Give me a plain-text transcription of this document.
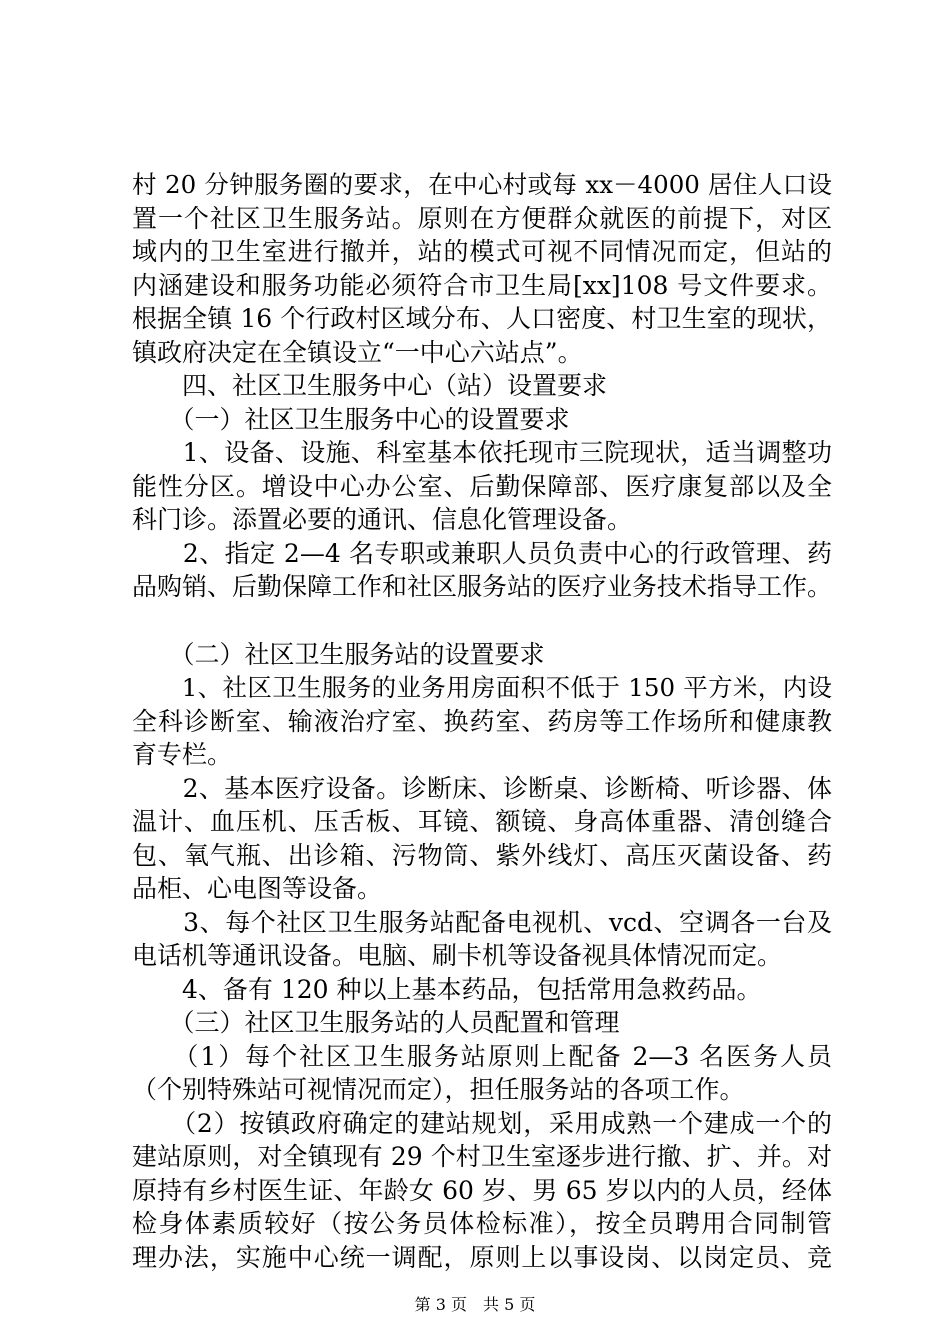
村 20 分钟服务圈的要求，在中心村或每 xx－4000 居住人口设
置一个社区卫生服务站。原则在方便群众就医的前提下，对区
域内的卫生室进行撤并，站的模式可视不同情况而定，但站的
内涵建设和服务功能必须符合市卫生局[xx]108 号文件要求。
根据全镇 16 个行政村区域分布、人口密度、村卫生室的现状，
镇政府决定在全镇设立“一中心六站点”。
　　四、社区卫生服务中心（站）设置要求
　　（一）社区卫生服务中心的设置要求
　　1、设备、设施、科室基本依托现市三院现状，适当调整功
能性分区。增设中心办公室、后勤保障部、医疗康复部以及全
科门诊。添置必要的通讯、信息化管理设备。
　　2、指定 2—4 名专职或兼职人员负责中心的行政管理、药
品购销、后勤保障工作和社区服务站的医疗业务技术指导工作。
　　（二）社区卫生服务站的设置要求
　　1、社区卫生服务的业务用房面积不低于 150 平方米，内设
全科诊断室、输液治疗室、换药室、药房等工作场所和健康教
育专栏。
　　2、基本医疗设备。诊断床、诊断桌、诊断椅、听诊器、体
温计、血压机、压舌板、耳镜、额镜、身高体重器、清创缝合
包、氧气瓶、出诊箱、污物筒、紫外线灯、高压灭菌设备、药
品柜、心电图等设备。
　　3、每个社区卫生服务站配备电视机、vcd、空调各一台及
电话机等通讯设备。电脑、刷卡机等设备视具体情况而定。
　　4、备有 120 种以上基本药品，包括常用急救药品。
　　（三）社区卫生服务站的人员配置和管理
　　（1）每个社区卫生服务站原则上配备 2—3 名医务人员
（个别特殊站可视情况而定），担任服务站的各项工作。
　　（2）按镇政府确定的建站规划，采用成熟一个建成一个的
建站原则，对全镇现有 29 个村卫生室逐步进行撤、扩、并。对
原持有乡村医生证、年龄女 60 岁、男 65 岁以内的人员，经体
检身体素质较好（按公务员体检标准），按全员聘用合同制管
理办法，实施中心统一调配，原则上以事设岗、以岗定员、竞
第 3 页　共 5 页
